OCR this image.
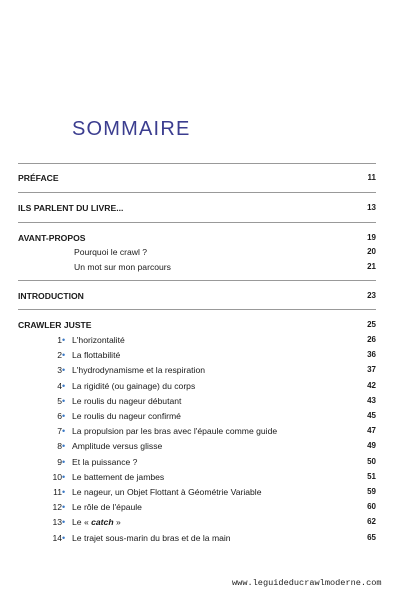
SOMMAIRE
PRÉFACE	11
ILS PARLENT DU LIVRE...	13
AVANT-PROPOS	19
Pourquoi le crawl ?	20
Un mot sur mon parcours	21
INTRODUCTION	23
CRAWLER JUSTE	25
1 • L'horizontalité	26
2 • La flottabilité	36
3 • L'hydrodynamisme et la respiration	37
4 • La rigidité (ou gainage) du corps	42
5 • Le roulis du nageur débutant	43
6 • Le roulis du nageur confirmé	45
7 • La propulsion par les bras avec l'épaule comme guide	47
8 • Amplitude versus glisse	49
9 • Et la puissance ?	50
10 • Le battement de jambes	51
11 • Le nageur, un Objet Flottant à Géométrie Variable	59
12 • Le rôle de l'épaule	60
13 • Le « catch »	62
14 • Le trajet sous-marin du bras et de la main	65
www.leguideducrawlmoderne.com
